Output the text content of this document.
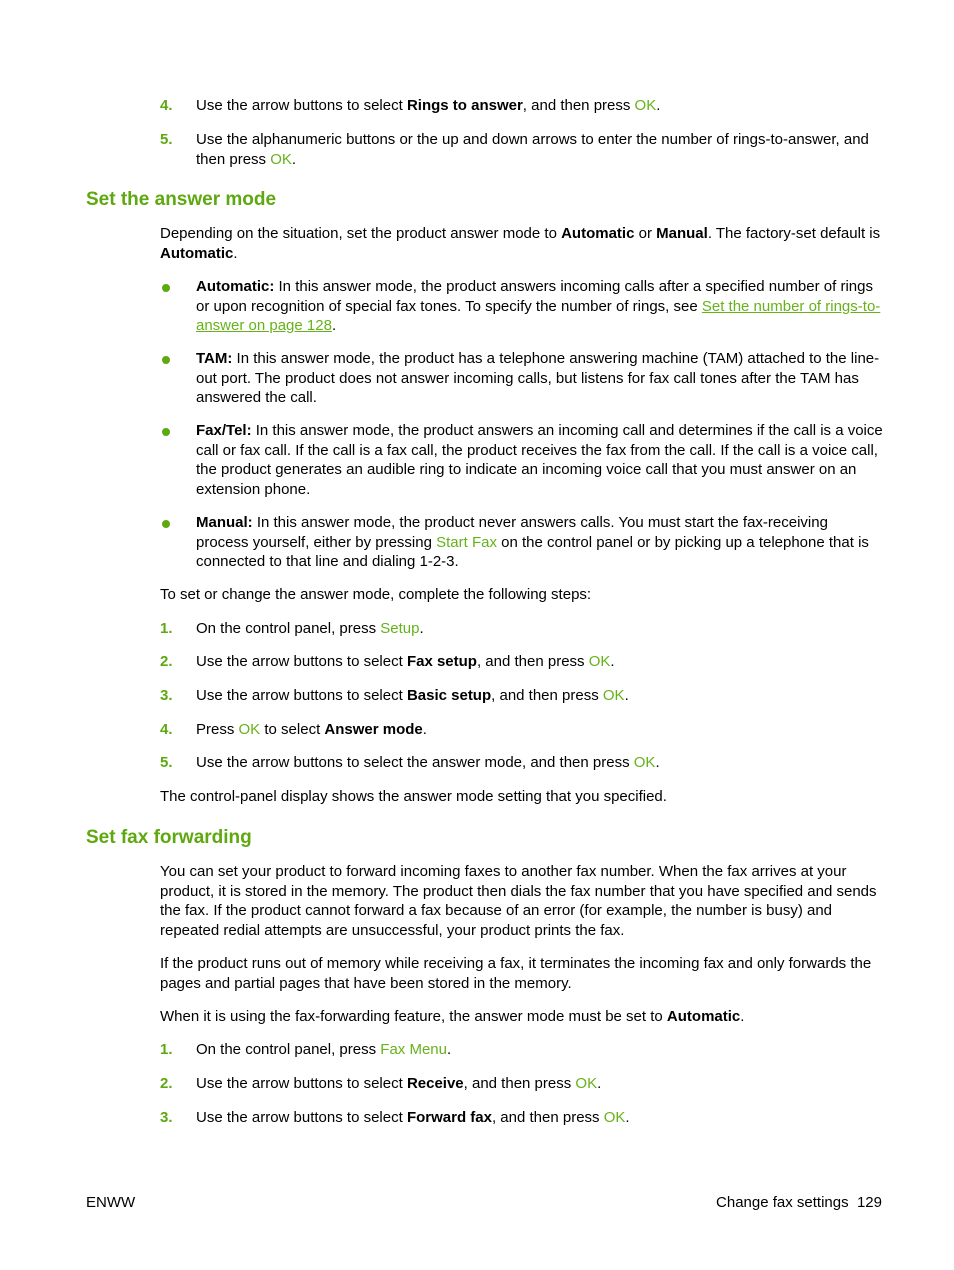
4. Use the arrow buttons to select Rings to answer, and then press OK.
5. Use the alphanumeric buttons or the up and down arrows to enter the number of rings-to-answer, and then press OK.
Set the answer mode
Depending on the situation, set the product answer mode to Automatic or Manual. The factory-set default is Automatic.
Automatic: In this answer mode, the product answers incoming calls after a specified number of rings or upon recognition of special fax tones. To specify the number of rings, see Set the number of rings-to-answer on page 128.
TAM: In this answer mode, the product has a telephone answering machine (TAM) attached to the line-out port. The product does not answer incoming calls, but listens for fax call tones after the TAM has answered the call.
Fax/Tel: In this answer mode, the product answers an incoming call and determines if the call is a voice call or fax call. If the call is a fax call, the product receives the fax from the call. If the call is a voice call, the product generates an audible ring to indicate an incoming voice call that you must answer on an extension phone.
Manual: In this answer mode, the product never answers calls. You must start the fax-receiving process yourself, either by pressing Start Fax on the control panel or by picking up a telephone that is connected to that line and dialing 1-2-3.
To set or change the answer mode, complete the following steps:
1. On the control panel, press Setup.
2. Use the arrow buttons to select Fax setup, and then press OK.
3. Use the arrow buttons to select Basic setup, and then press OK.
4. Press OK to select Answer mode.
5. Use the arrow buttons to select the answer mode, and then press OK.
The control-panel display shows the answer mode setting that you specified.
Set fax forwarding
You can set your product to forward incoming faxes to another fax number. When the fax arrives at your product, it is stored in the memory. The product then dials the fax number that you have specified and sends the fax. If the product cannot forward a fax because of an error (for example, the number is busy) and repeated redial attempts are unsuccessful, your product prints the fax.
If the product runs out of memory while receiving a fax, it terminates the incoming fax and only forwards the pages and partial pages that have been stored in the memory.
When it is using the fax-forwarding feature, the answer mode must be set to Automatic.
1. On the control panel, press Fax Menu.
2. Use the arrow buttons to select Receive, and then press OK.
3. Use the arrow buttons to select Forward fax, and then press OK.
ENWW	Change fax settings 129
